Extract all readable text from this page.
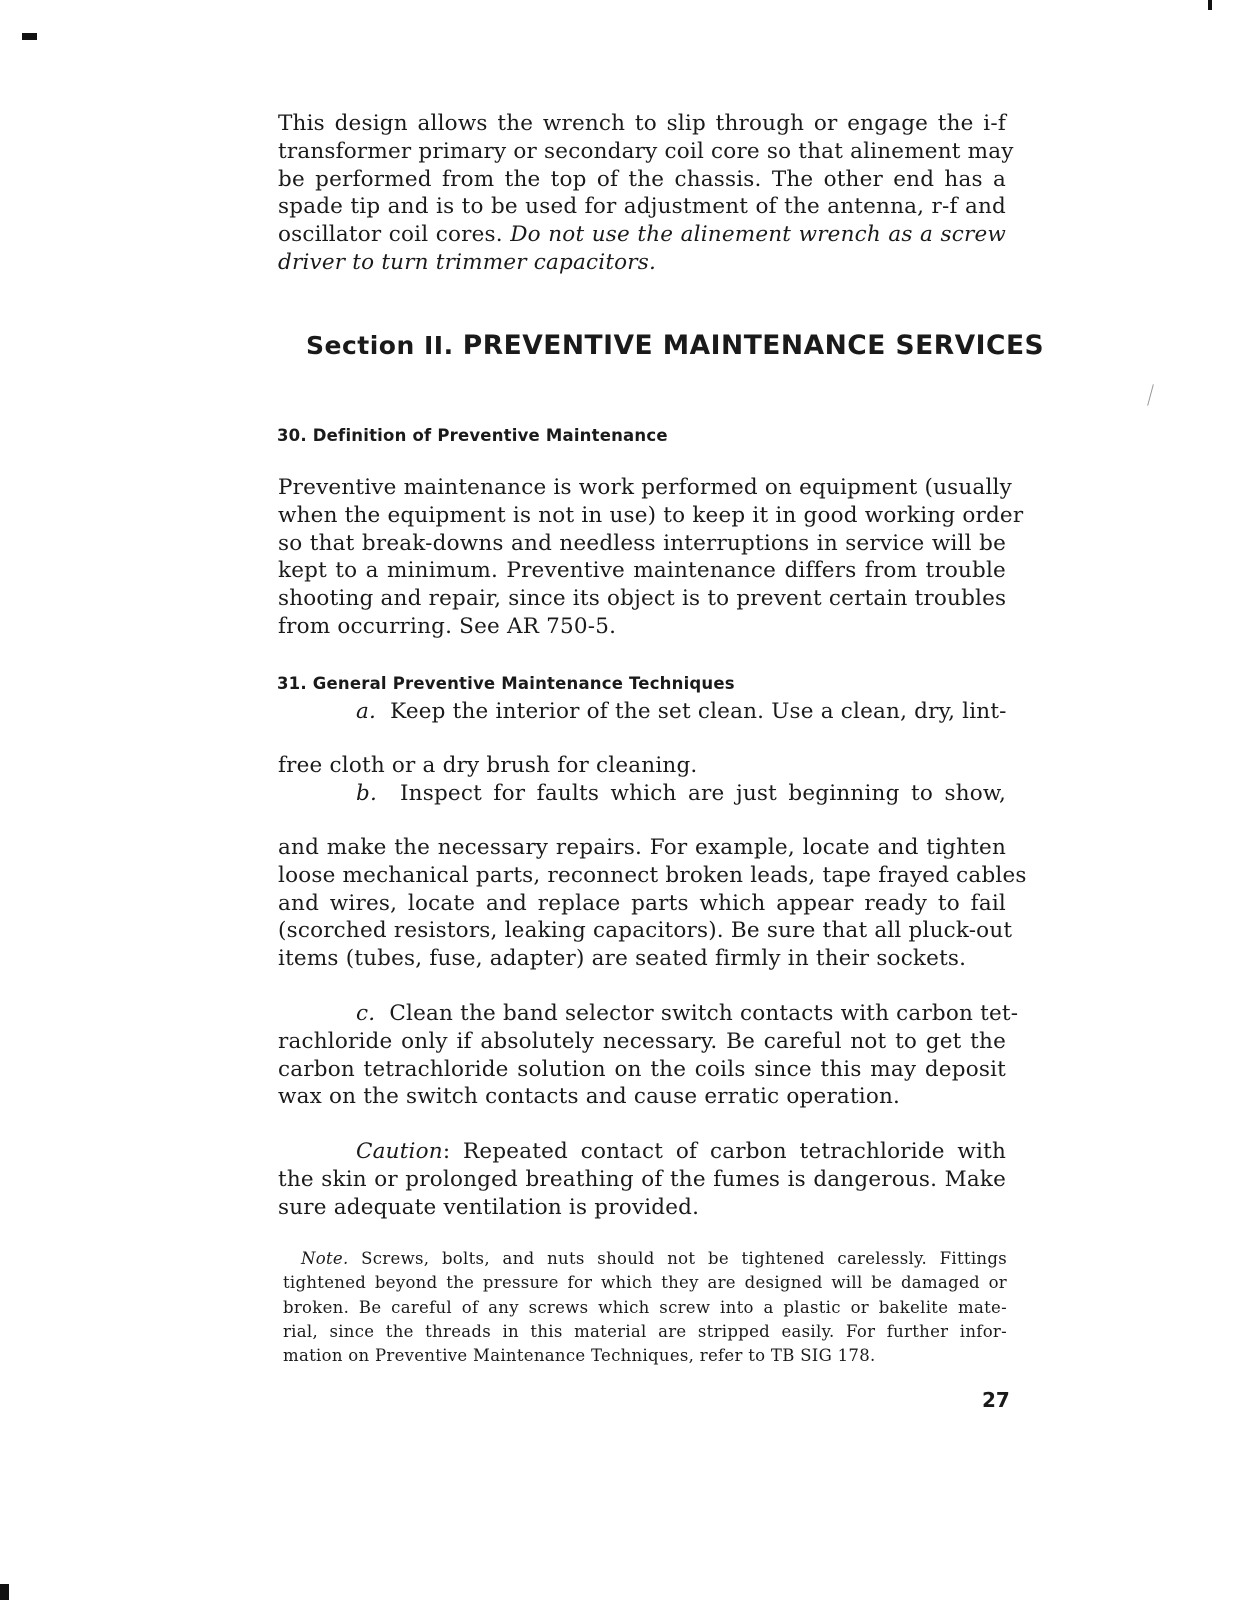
This design allows the wrench to slip through or engage the i-f
transformer primary or secondary coil core so that alinement may
be performed from the top of the chassis. The other end has a
spade tip and is to be used for adjustment of the antenna, r-f and
oscillator coil cores. Do not use the alinement wrench as a screw
driver to turn trimmer capacitors.
Section II. PREVENTIVE MAINTENANCE SERVICES
30. Definition of Preventive Maintenance
Preventive maintenance is work performed on equipment (usually
when the equipment is not in use) to keep it in good working order
so that break-downs and needless interruptions in service will be
kept to a minimum. Preventive maintenance differs from trouble
shooting and repair, since its object is to prevent certain troubles
from occurring. See AR 750-5.
31. General Preventive Maintenance Techniques
a. Keep the interior of the set clean. Use a clean, dry, lint-
free cloth or a dry brush for cleaning.
b. Inspect for faults which are just beginning to show,
and make the necessary repairs. For example, locate and tighten
loose mechanical parts, reconnect broken leads, tape frayed cables
and wires, locate and replace parts which appear ready to fail
(scorched resistors, leaking capacitors). Be sure that all pluck-out
items (tubes, fuse, adapter) are seated firmly in their sockets.
c. Clean the band selector switch contacts with carbon tet-
rachloride only if absolutely necessary. Be careful not to get the
carbon tetrachloride solution on the coils since this may deposit
wax on the switch contacts and cause erratic operation.
Caution: Repeated contact of carbon tetrachloride with
the skin or prolonged breathing of the fumes is dangerous. Make
sure adequate ventilation is provided.
Note. Screws, bolts, and nuts should not be tightened carelessly. Fittings
tightened beyond the pressure for which they are designed will be damaged or
broken. Be careful of any screws which screw into a plastic or bakelite mate-
rial, since the threads in this material are stripped easily. For further infor-
mation on Preventive Maintenance Techniques, refer to TB SIG 178.
27
